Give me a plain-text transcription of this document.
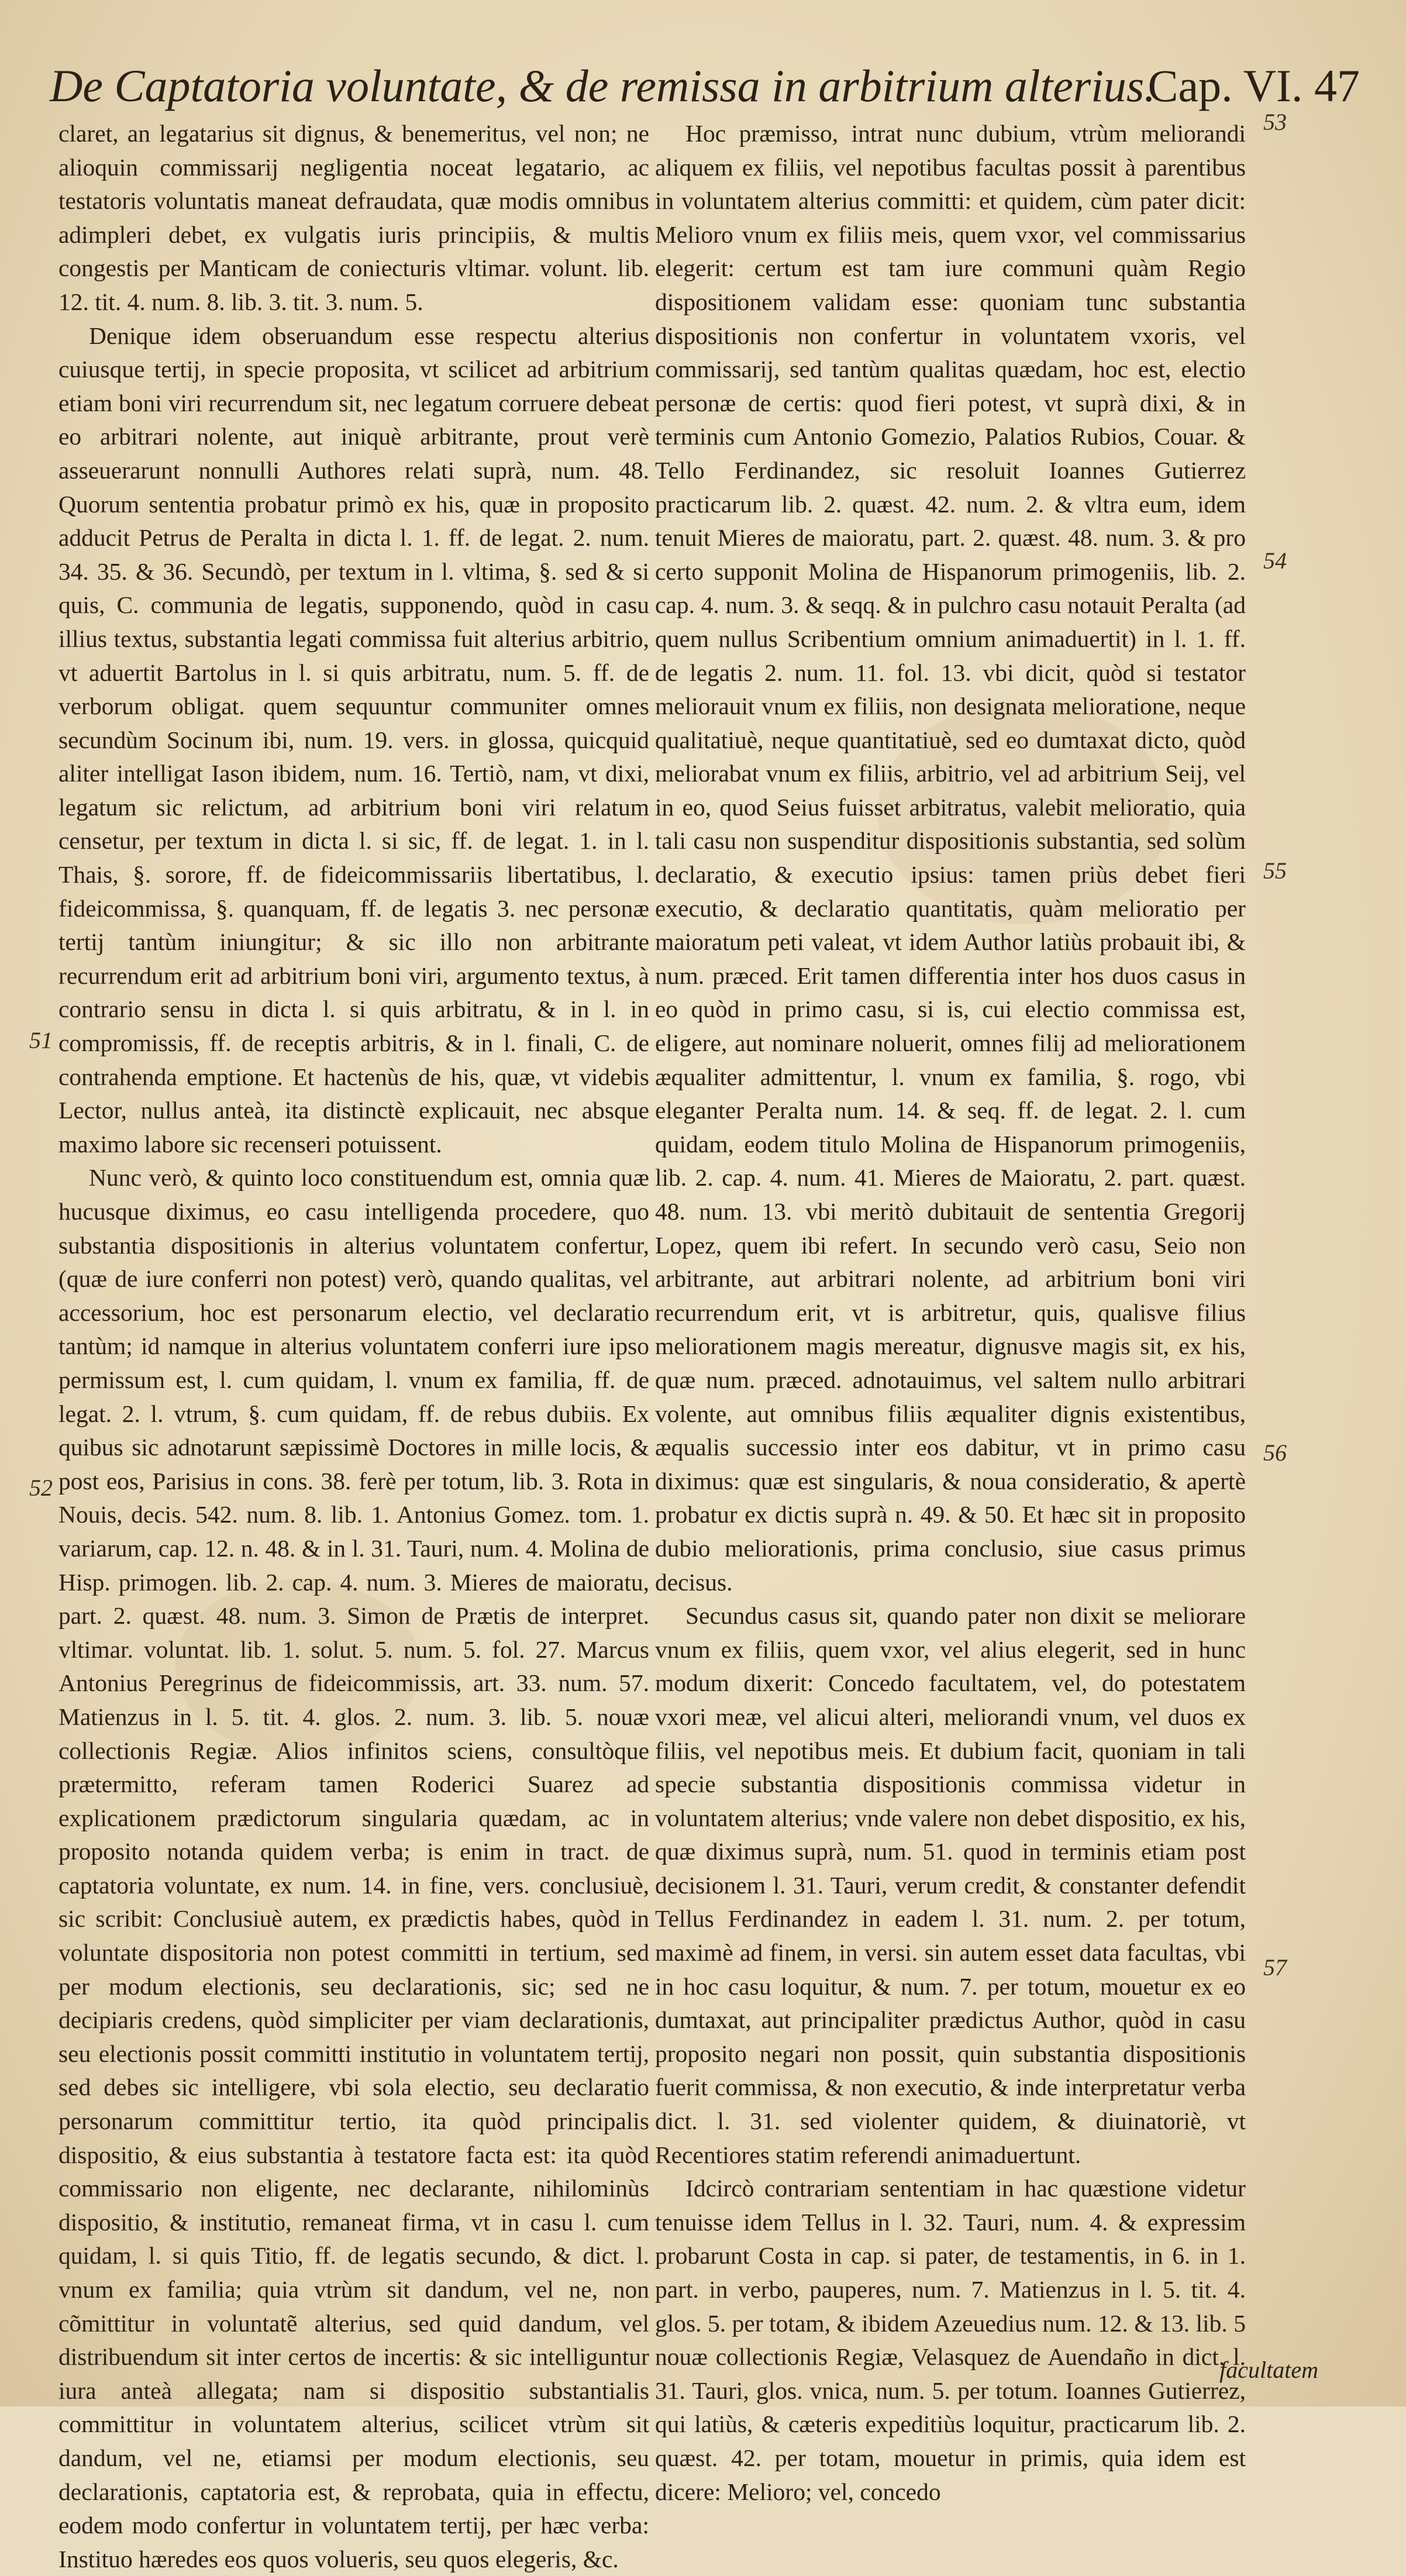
De Captatoria voluntate, & de remissa in arbitrium alterius.
Cap. VI. 47

claret, an legatarius sit dignus, & benemeritus, vel non; ne alioquin commissarij negligentia noceat legatario, ac testatoris voluntatis maneat defraudata, quæ modis omnibus adimpleri debet, ex vulgatis iuris principiis, & multis congestis per Manticam de coniecturis vltimar. volunt. lib. 12. tit. 4. num. 8. lib. 3. tit. 3. num. 5.

Denique idem obseruandum esse respectu alterius cuiusque tertij, in specie proposita, vt scilicet ad arbitrium etiam boni viri recurrendum sit, nec legatum corruere debeat eo arbitrari nolente, aut iniquè arbitrante, prout verè asseuerarunt nonnulli Authores relati suprà, num. 48. Quorum sententia probatur primò ex his, quæ in proposito adducit Petrus de Peralta in dicta l. 1. ff. de legat. 2. num. 34. 35. & 36. Secundò, per textum in l. vltima, §. sed & si quis, C. communia de legatis, supponendo, quòd in casu illius textus, substantia legati commissa fuit alterius arbitrio, vt aduertit Bartolus in l. si quis arbitratu, num. 5. ff. de verborum obligat. quem sequuntur communiter omnes secundùm Socinum ibi, num. 19. vers. in glossa, quicquid aliter intelligat Iason ibidem, num. 16. Tertiò, nam, vt dixi, legatum sic relictum, ad arbitrium boni viri relatum censetur, per textum in dicta l. si sic, ff. de legat. 1. in l. Thais, §. sorore, ff. de fideicommissariis libertatibus, l. fideicommissa, §. quanquam, ff. de legatis 3. nec personæ tertij tantùm iniungitur; & sic illo non arbitrante recurrendum erit ad arbitrium boni viri, argumento textus, à contrario sensu in dicta l. si quis arbitratu, & in l. in compromissis, ff. de receptis arbitris, & in l. finali, C. de contrahenda emptione. Et hactenùs de his, quæ, vt videbis Lector, nullus anteà, ita distinctè explicauit, nec absque maximo labore sic recenseri potuissent.

Nunc verò, & quinto loco constituendum est, omnia quæ hucusque diximus, eo casu intelligenda procedere, quo substantia dispositionis in alterius voluntatem confertur, (quæ de iure conferri non potest) verò, quando qualitas, vel accessorium, hoc est personarum electio, vel declaratio tantùm; id namque in alterius voluntatem conferri iure ipso permissum est, l. cum quidam, l. vnum ex familia, ff. de legat. 2. l. vtrum, §. cum quidam, ff. de rebus dubiis. Ex quibus sic adnotarunt sæpissimè Doctores in mille locis, & post eos, Parisius in cons. 38. ferè per totum, lib. 3. Rota in Nouis, decis. 542. num. 8. lib. 1. Antonius Gomez. tom. 1. variarum, cap. 12. n. 48. & in l. 31. Tauri, num. 4. Molina de Hisp. primogen. lib. 2. cap. 4. num. 3. Mieres de maioratu, part. 2. quæst. 48. num. 3. Simon de Prætis de interpret. vltimar. voluntat. lib. 1. solut. 5. num. 5. fol. 27. Marcus Antonius Peregrinus de fideicommissis, art. 33. num. 57. Matienzus in l. 5. tit. 4. glos. 2. num. 3. lib. 5. nouæ collectionis Regiæ. Alios infinitos sciens, consultòque prætermitto, referam tamen Roderici Suarez ad explicationem prædictorum singularia quædam, ac in proposito notanda quidem verba; is enim in tract. de captatoria voluntate, ex num. 14. in fine, vers. conclusiuè, sic scribit: Conclusiuè autem, ex prædictis habes, quòd in voluntate dispositoria non potest committi in tertium, sed per modum electionis, seu declarationis, sic; sed ne decipiaris credens, quòd simpliciter per viam declarationis, seu electionis possit committi institutio in voluntatem tertij, sed debes sic intelligere, vbi sola electio, seu declaratio personarum committitur tertio, ita quòd principalis dispositio, & eius substantia à testatore facta est: ita quòd commissario non eligente, nec declarante, nihilominùs dispositio, & institutio, remaneat firma, vt in casu l. cum quidam, l. si quis Titio, ff. de legatis secundo, & dict. l. vnum ex familia; quia vtrùm sit dandum, vel ne, non cõmittitur in voluntatẽ alterius, sed quid dandum, vel distribuendum sit inter certos de incertis: & sic intelliguntur iura anteà allegata; nam si dispositio substantialis committitur in voluntatem alterius, scilicet vtrùm sit dandum, vel ne, etiamsi per modum electionis, seu declarationis, captatoria est, & reprobata, quia in effectu, eodem modo confertur in voluntatem tertij, per hæc verba: Instituo hæredes eos quos volueris, seu quos elegeris, &c.

Hoc præmisso, intrat nunc dubium, vtrùm meliorandi aliquem ex filiis, vel nepotibus facultas possit à parentibus in voluntatem alterius committi: et quidem, cùm pater dicit: Melioro vnum ex filiis meis, quem vxor, vel commissarius elegerit: certum est tam iure communi quàm Regio dispositionem validam esse: quoniam tunc substantia dispositionis non confertur in voluntatem vxoris, vel commissarij, sed tantùm qualitas quædam, hoc est, electio personæ de certis: quod fieri potest, vt suprà dixi, & in terminis cum Antonio Gomezio, Palatios Rubios, Couar. & Tello Ferdinandez, sic resoluit Ioannes Gutierrez practicarum lib. 2. quæst. 42. num. 2. & vltra eum, idem tenuit Mieres de maioratu, part. 2. quæst. 48. num. 3. & pro certo supponit Molina de Hispanorum primogeniis, lib. 2. cap. 4. num. 3. & seqq. & in pulchro casu notauit Peralta (ad quem nullus Scribentium omnium animaduertit) in l. 1. ff. de legatis 2. num. 11. fol. 13. vbi dicit, quòd si testator meliorauit vnum ex filiis, non designata melioratione, neque qualitatiuè, neque quantitatiuè, sed eo dumtaxat dicto, quòd meliorabat vnum ex filiis, arbitrio, vel ad arbitrium Seij, vel in eo, quod Seius fuisset arbitratus, valebit melioratio, quia tali casu non suspenditur dispositionis substantia, sed solùm declaratio, & executio ipsius: tamen priùs debet fieri executio, & declaratio quantitatis, quàm melioratio per maioratum peti valeat, vt idem Author latiùs probauit ibi, & num. præced. Erit tamen differentia inter hos duos casus in eo quòd in primo casu, si is, cui electio commissa est, eligere, aut nominare noluerit, omnes filij ad meliorationem æqualiter admittentur, l. vnum ex familia, §. rogo, vbi eleganter Peralta num. 14. & seq. ff. de legat. 2. l. cum quidam, eodem titulo Molina de Hispanorum primogeniis, lib. 2. cap. 4. num. 41. Mieres de Maioratu, 2. part. quæst. 48. num. 13. vbi meritò dubitauit de sententia Gregorij Lopez, quem ibi refert. In secundo verò casu, Seio non arbitrante, aut arbitrari nolente, ad arbitrium boni viri recurrendum erit, vt is arbitretur, quis, qualisve filius meliorationem magis mereatur, dignusve magis sit, ex his, quæ num. præced. adnotauimus, vel saltem nullo arbitrari volente, aut omnibus filiis æqualiter dignis existentibus, æqualis successio inter eos dabitur, vt in primo casu diximus: quæ est singularis, & noua consideratio, & apertè probatur ex dictis suprà n. 49. & 50. Et hæc sit in proposito dubio meliorationis, prima conclusio, siue casus primus decisus.

Secundus casus sit, quando pater non dixit se meliorare vnum ex filiis, quem vxor, vel alius elegerit, sed in hunc modum dixerit: Concedo facultatem, vel, do potestatem vxori meæ, vel alicui alteri, meliorandi vnum, vel duos ex filiis, vel nepotibus meis. Et dubium facit, quoniam in tali specie substantia dispositionis commissa videtur in voluntatem alterius; vnde valere non debet dispositio, ex his, quæ diximus suprà, num. 51. quod in terminis etiam post decisionem l. 31. Tauri, verum credit, & constanter defendit Tellus Ferdinandez in eadem l. 31. num. 2. per totum, maximè ad finem, in versi. sin autem esset data facultas, vbi in hoc casu loquitur, & num. 7. per totum, mouetur ex eo dumtaxat, aut principaliter prædictus Author, quòd in casu proposito negari non possit, quin substantia dispositionis fuerit commissa, & non executio, & inde interpretatur verba dict. l. 31. sed violenter quidem, & diuinatoriè, vt Recentiores statim referendi animaduertunt.

Idcircò contrariam sententiam in hac quæstione videtur tenuisse idem Tellus in l. 32. Tauri, num. 4. & expressim probarunt Costa in cap. si pater, de testamentis, in 6. in 1. part. in verbo, pauperes, num. 7. Matienzus in l. 5. tit. 4. glos. 5. per totam, & ibidem Azeuedius num. 12. & 13. lib. 5 nouæ collectionis Regiæ, Velasquez de Auendaño in dict. l. 31. Tauri, glos. vnica, num. 5. per totum. Ioannes Gutierrez, qui latiùs, & cæteris expeditiùs loquitur, practicarum lib. 2. quæst. 42. per totam, mouetur in primis, quia idem est dicere: Melioro; vel, concedo

51
52
53
54
55
56
57
facultatem
